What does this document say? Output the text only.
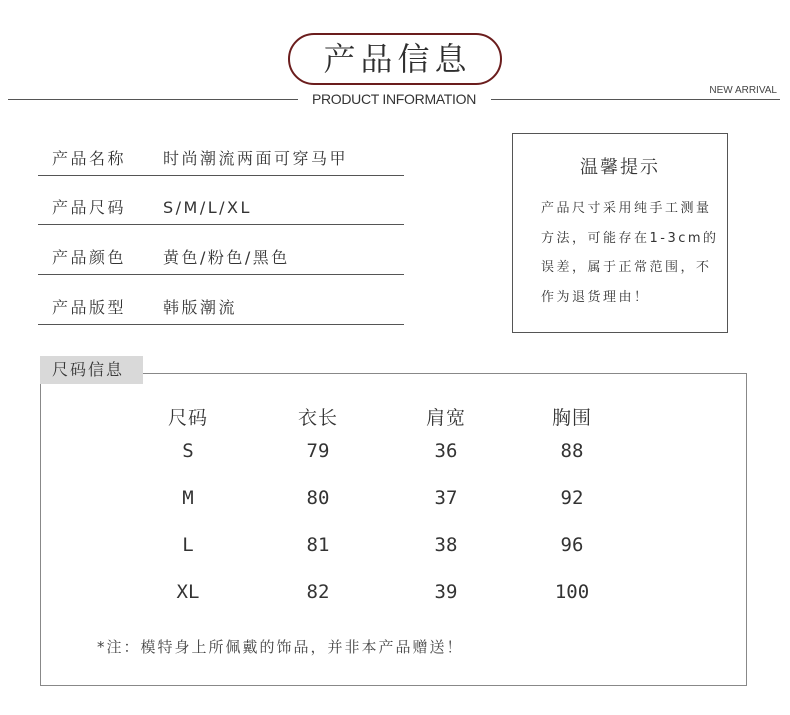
产品信息
PRODUCT INFORMATION
NEW ARRIVAL
产品名称 时尚潮流两面可穿马甲
产品尺码 S/M/L/XL
产品颜色 黄色/粉色/黑色
产品版型 韩版潮流
温馨提示
产品尺寸采用纯手工测量
方法，可能存在1-3cm的
误差，属于正常范围，不
作为退货理由！
尺码信息
尺码	衣长	肩宽	胸围
S	79	36	88
M	80	37	92
L	81	38	96
XL	82	39	100
*注：模特身上所佩戴的饰品，并非本产品赠送！
